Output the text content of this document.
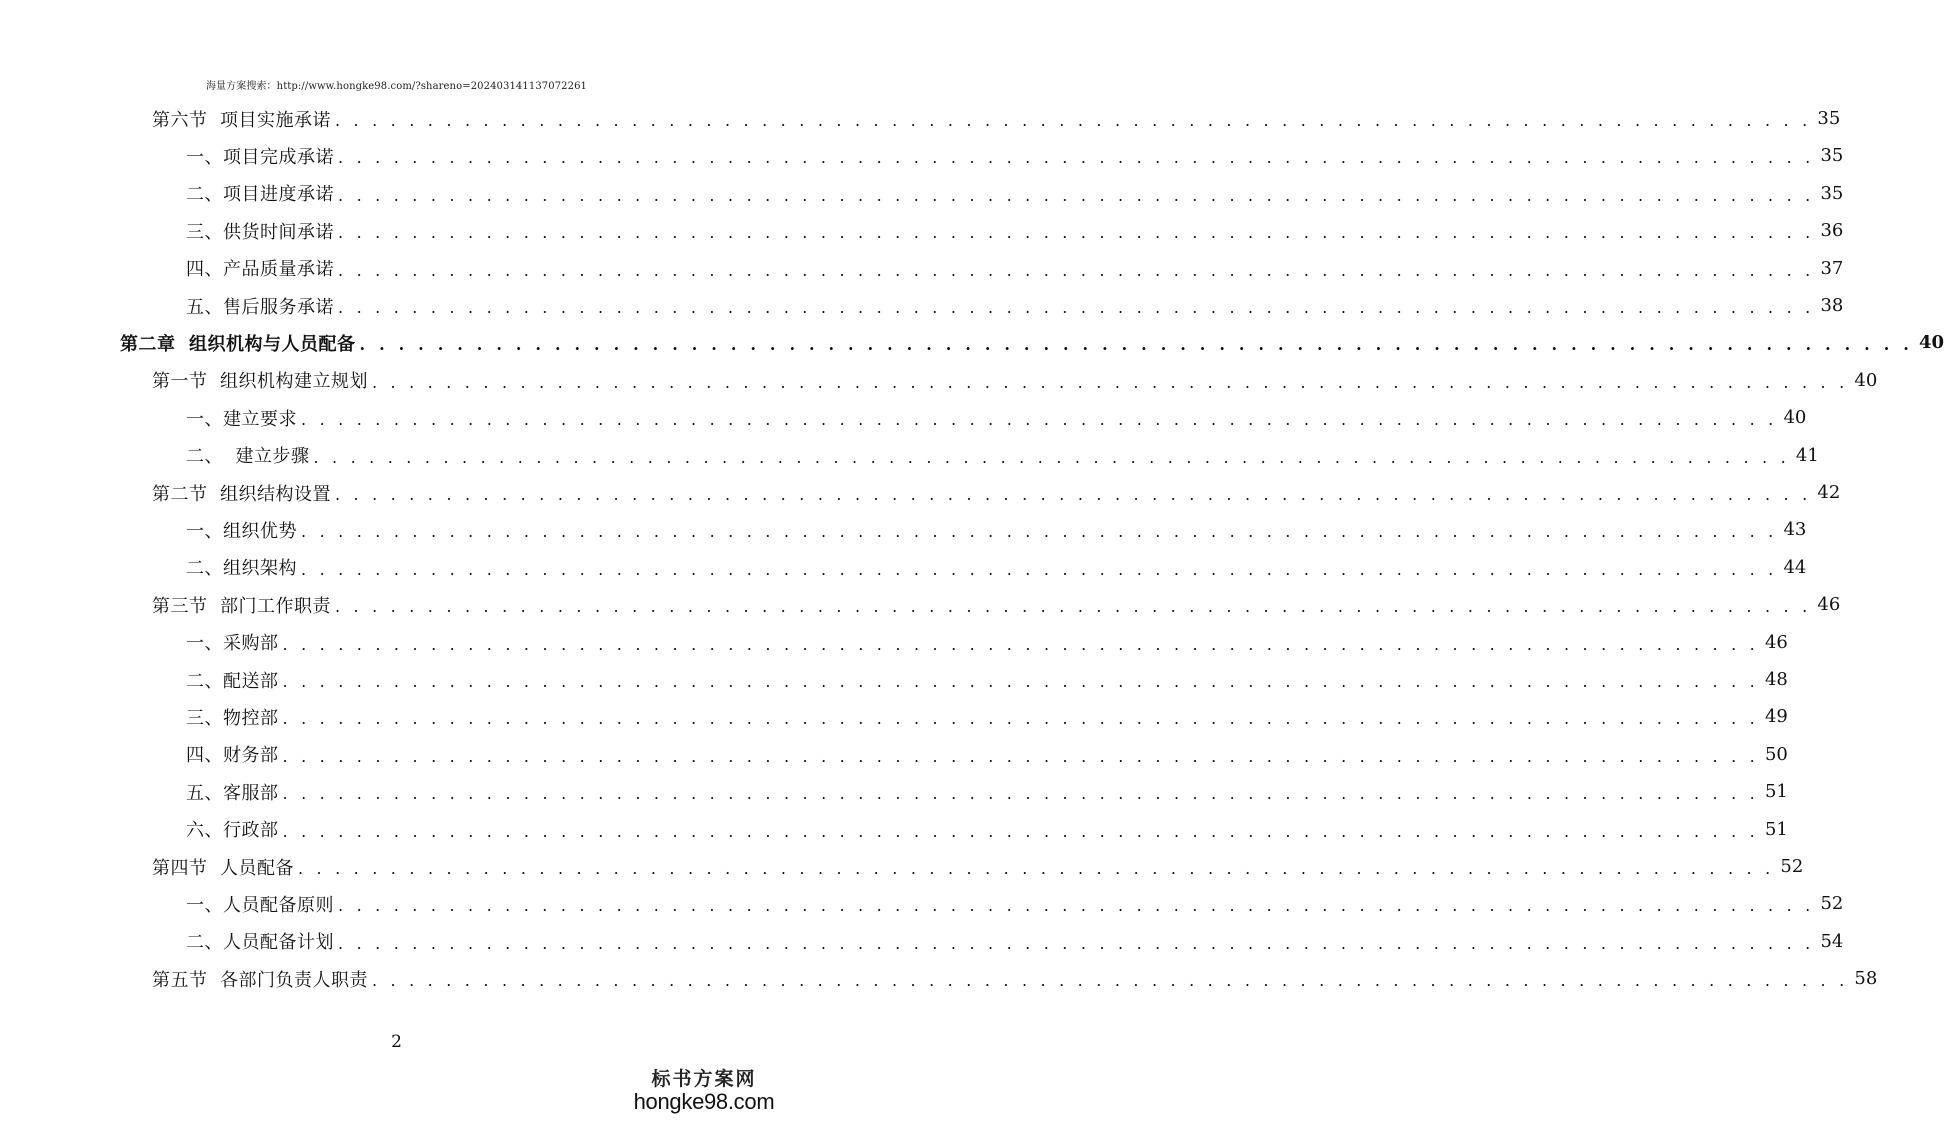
海量方案搜索：http://www.hongke98.com/?shareno=202403141137072261
第六节  项目实施承诺 . . . . . . . . . . . . . . . . . . . . . . . . . . . . . . . . . . . . . . . . . . . . . . . . . . . . . . . . . . . . . . . . . . . . . . . . . . . . . . . . 35
一、项目完成承诺 . . . . . . . . . . . . . . . . . . . . . . . . . . . . . . . . . . . . . . . . . . . . . . . . . . . . . . . . . . . . . . . . . . . . . . . . . . . . . . . . 35
二、项目进度承诺 . . . . . . . . . . . . . . . . . . . . . . . . . . . . . . . . . . . . . . . . . . . . . . . . . . . . . . . . . . . . . . . . . . . . . . . . . . . . . . . . 35
三、供货时间承诺 . . . . . . . . . . . . . . . . . . . . . . . . . . . . . . . . . . . . . . . . . . . . . . . . . . . . . . . . . . . . . . . . . . . . . . . . . . . . . . . . 36
四、产品质量承诺 . . . . . . . . . . . . . . . . . . . . . . . . . . . . . . . . . . . . . . . . . . . . . . . . . . . . . . . . . . . . . . . . . . . . . . . . . . . . . . . . 37
五、售后服务承诺 . . . . . . . . . . . . . . . . . . . . . . . . . . . . . . . . . . . . . . . . . . . . . . . . . . . . . . . . . . . . . . . . . . . . . . . . . . . . . . . . 38
第二章  组织机构与人员配备 . . . . . . . . . . . . . . . . . . . . . . . . . . . . . . . . . . . . . . . . . . . . . . . . . . . . . . . . . . . . . . . . . . . . . . . . . . . . . . . . 40
第一节  组织机构建立规划 . . . . . . . . . . . . . . . . . . . . . . . . . . . . . . . . . . . . . . . . . . . . . . . . . . . . . . . . . . . . . . . . . . . . . . . . . . . . . . . . 40
一、建立要求 . . . . . . . . . . . . . . . . . . . . . . . . . . . . . . . . . . . . . . . . . . . . . . . . . . . . . . . . . . . . . . . . . . . . . . . . . . . . . . . . 40
二、  建立步骤 . . . . . . . . . . . . . . . . . . . . . . . . . . . . . . . . . . . . . . . . . . . . . . . . . . . . . . . . . . . . . . . . . . . . . . . . . . . . . . . . 41
第二节  组织结构设置 . . . . . . . . . . . . . . . . . . . . . . . . . . . . . . . . . . . . . . . . . . . . . . . . . . . . . . . . . . . . . . . . . . . . . . . . . . . . . . . . 42
一、组织优势 . . . . . . . . . . . . . . . . . . . . . . . . . . . . . . . . . . . . . . . . . . . . . . . . . . . . . . . . . . . . . . . . . . . . . . . . . . . . . . . . 43
二、组织架构 . . . . . . . . . . . . . . . . . . . . . . . . . . . . . . . . . . . . . . . . . . . . . . . . . . . . . . . . . . . . . . . . . . . . . . . . . . . . . . . . 44
第三节  部门工作职责 . . . . . . . . . . . . . . . . . . . . . . . . . . . . . . . . . . . . . . . . . . . . . . . . . . . . . . . . . . . . . . . . . . . . . . . . . . . . . . . . 46
一、采购部 . . . . . . . . . . . . . . . . . . . . . . . . . . . . . . . . . . . . . . . . . . . . . . . . . . . . . . . . . . . . . . . . . . . . . . . . . . . . . . . . 46
二、配送部 . . . . . . . . . . . . . . . . . . . . . . . . . . . . . . . . . . . . . . . . . . . . . . . . . . . . . . . . . . . . . . . . . . . . . . . . . . . . . . . . 48
三、物控部 . . . . . . . . . . . . . . . . . . . . . . . . . . . . . . . . . . . . . . . . . . . . . . . . . . . . . . . . . . . . . . . . . . . . . . . . . . . . . . . . 49
四、财务部 . . . . . . . . . . . . . . . . . . . . . . . . . . . . . . . . . . . . . . . . . . . . . . . . . . . . . . . . . . . . . . . . . . . . . . . . . . . . . . . . 50
五、客服部 . . . . . . . . . . . . . . . . . . . . . . . . . . . . . . . . . . . . . . . . . . . . . . . . . . . . . . . . . . . . . . . . . . . . . . . . . . . . . . . . 51
六、行政部 . . . . . . . . . . . . . . . . . . . . . . . . . . . . . . . . . . . . . . . . . . . . . . . . . . . . . . . . . . . . . . . . . . . . . . . . . . . . . . . . 51
第四节  人员配备 . . . . . . . . . . . . . . . . . . . . . . . . . . . . . . . . . . . . . . . . . . . . . . . . . . . . . . . . . . . . . . . . . . . . . . . . . . . . . . . . 52
一、人员配备原则 . . . . . . . . . . . . . . . . . . . . . . . . . . . . . . . . . . . . . . . . . . . . . . . . . . . . . . . . . . . . . . . . . . . . . . . . . . . . . . . . 52
二、人员配备计划 . . . . . . . . . . . . . . . . . . . . . . . . . . . . . . . . . . . . . . . . . . . . . . . . . . . . . . . . . . . . . . . . . . . . . . . . . . . . . . . . 54
第五节  各部门负责人职责 . . . . . . . . . . . . . . . . . . . . . . . . . . . . . . . . . . . . . . . . . . . . . . . . . . . . . . . . . . . . . . . . . . . . . . . . . . . . . . . . 58
2
标书方案网
hongke98.com
